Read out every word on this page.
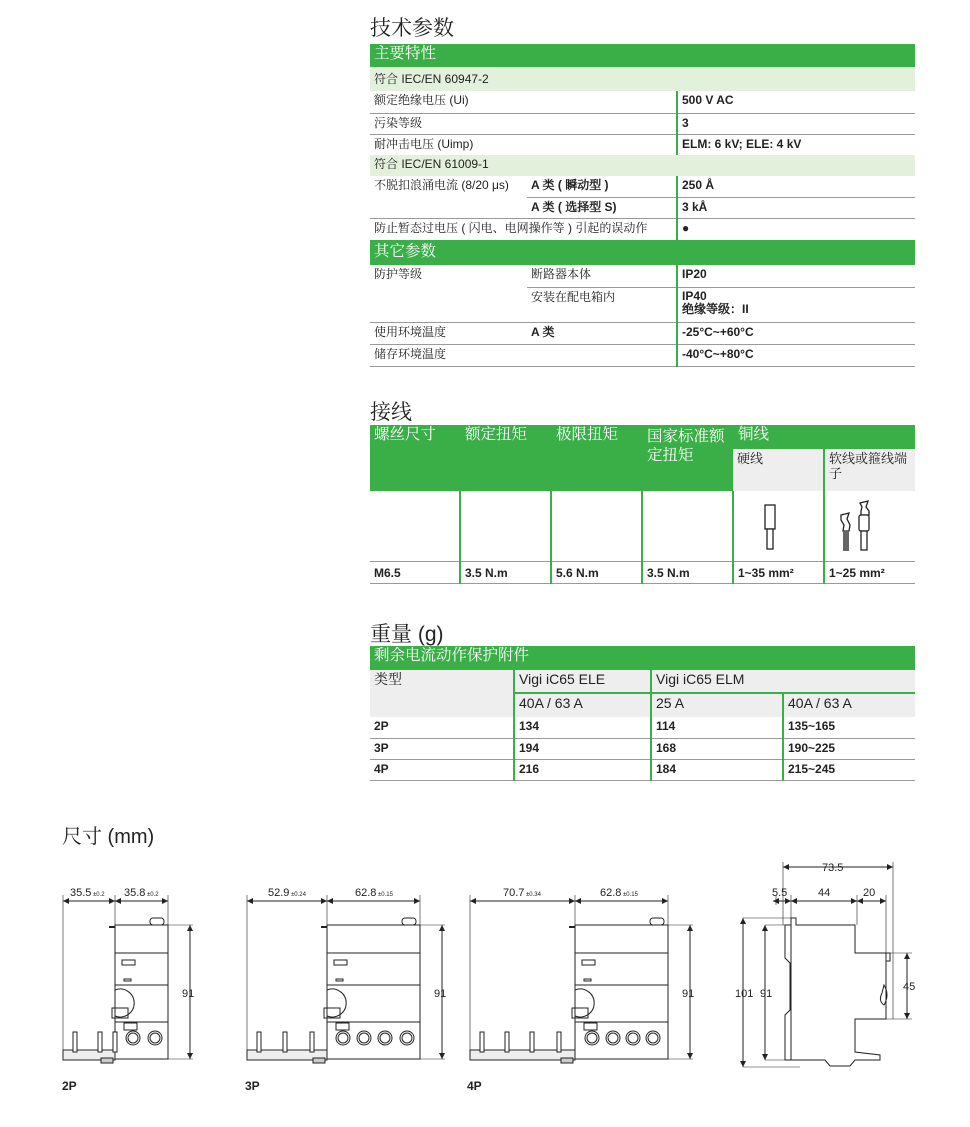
技术参数
主要特性		
符合 IEC/EN 60947-2		
额定绝缘电压 (Ui)		500 V AC
污染等级		3
耐冲击电压 (Uimp)		ELM: 6 kV; ELE: 4 kV
符合 IEC/EN 61009-1		
不脱扣浪涌电流 (8/20 μs)	A 类 ( 瞬动型 )	250 Å
	A 类 ( 选择型 S)	3 kÅ
防止暂态过电压 ( 闪电、电网操作等 ) 引起的误动作		●
其它参数		
防护等级	断路器本体	IP20
	安装在配电箱内	IP40
绝缘等级：II

使用环境温度	A 类	-25°C~+60°C
储存环境温度		-40°C~+80°C
接线
螺丝尺寸	额定扭矩	极限扭矩	国家标准额定扭矩	铜线	
				硬线	软线或箍线端子

M6.5	3.5 N.m	5.6 N.m	3.5 N.m	1~35 mm²	1~25 mm²
重量 (g)
剩余电流动作保护附件			
类型	Vigi iC65 ELE	Vigi iC65 ELM	
	40A / 63 A	25 A	40A / 63 A
2P	134	114	135~165
3P	194	168	190~225
4P	216	184	215~245
尺寸 (mm)
35.5 ±0.2 35.8 ±0.2
91
2P
52.9 ±0.24	62.8 ±0.15
91
3P
70.7 ±0.34	62.8 ±0.15
91
4P
73.5
5.5	44	20
101 91
45
